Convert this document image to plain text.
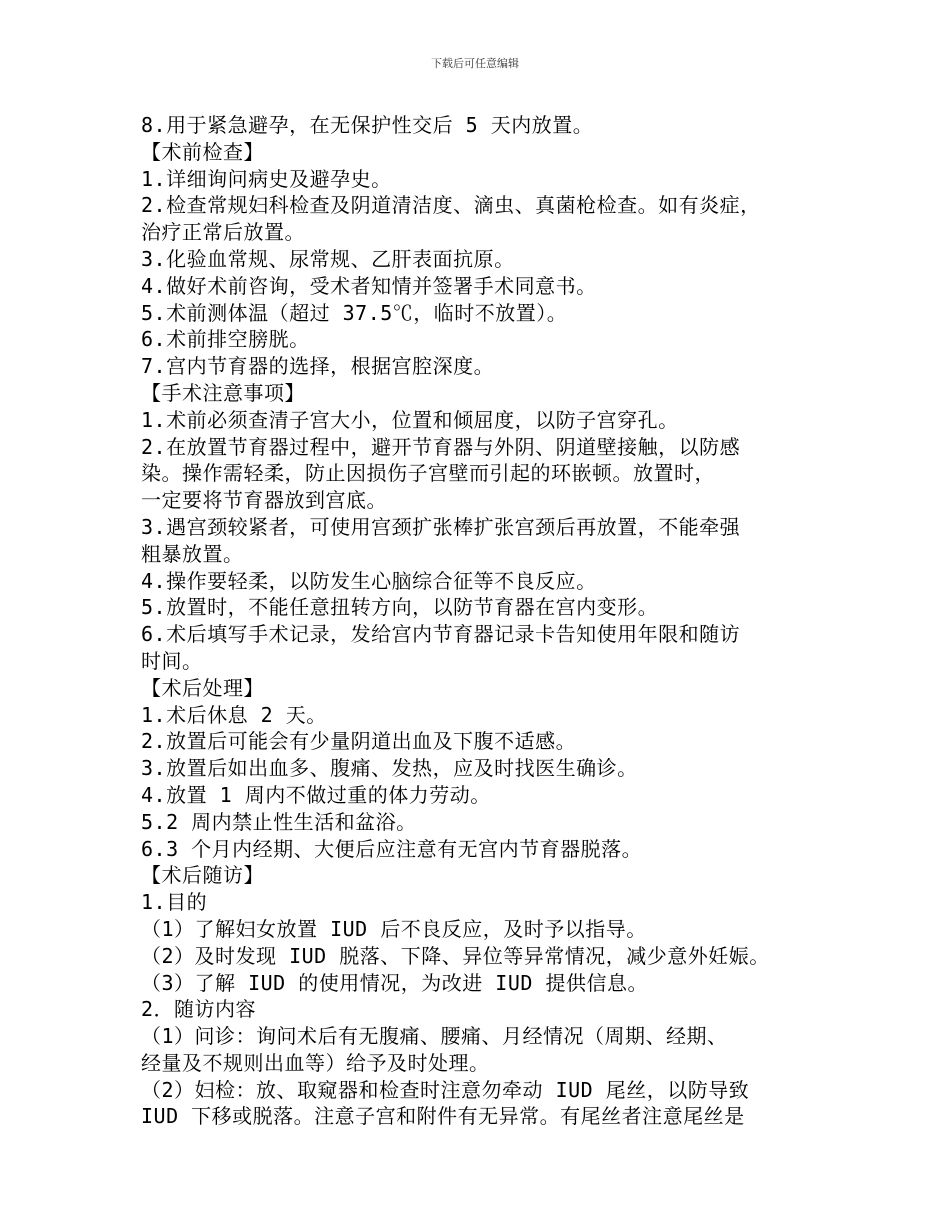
下载后可任意编辑
8.用于紧急避孕，在无保护性交后 5 天内放置。
【术前检查】
1.详细询问病史及避孕史。
2.检查常规妇科检查及阴道清洁度、滴虫、真菌枪检查。如有炎症，
治疗正常后放置。
3.化验血常规、尿常规、乙肝表面抗原。
4.做好术前咨询，受术者知情并签署手术同意书。
5.术前测体温（超过 37.5℃，临时不放置）。
6.术前排空膀胱。
7.宫内节育器的选择，根据宫腔深度。
【手术注意事项】
1.术前必须查清子宫大小，位置和倾屈度，以防子宫穿孔。
2.在放置节育器过程中，避开节育器与外阴、阴道壁接触，以防感
染。操作需轻柔，防止因损伤子宫壁而引起的环嵌顿。放置时，
一定要将节育器放到宫底。
3.遇宫颈较紧者，可使用宫颈扩张棒扩张宫颈后再放置，不能牵强
粗暴放置。
4.操作要轻柔，以防发生心脑综合征等不良反应。
5.放置时，不能任意扭转方向，以防节育器在宫内变形。
6.术后填写手术记录，发给宫内节育器记录卡告知使用年限和随访
时间。
【术后处理】
1.术后休息 2 天。
2.放置后可能会有少量阴道出血及下腹不适感。
3.放置后如出血多、腹痛、发热，应及时找医生确诊。
4.放置 1 周内不做过重的体力劳动。
5.2 周内禁止性生活和盆浴。
6.3 个月内经期、大便后应注意有无宫内节育器脱落。
【术后随访】
1.目的
（1）了解妇女放置 IUD 后不良反应，及时予以指导。
（2）及时发现 IUD 脱落、下降、异位等异常情况，减少意外妊娠。
（3）了解 IUD 的使用情况，为改进 IUD 提供信息。
2．随访内容
（1）问诊：询问术后有无腹痛、腰痛、月经情况（周期、经期、
经量及不规则出血等）给予及时处理。
（2）妇检：放、取窥器和检查时注意勿牵动 IUD 尾丝，以防导致
IUD 下移或脱落。注意子宫和附件有无异常。有尾丝者注意尾丝是
